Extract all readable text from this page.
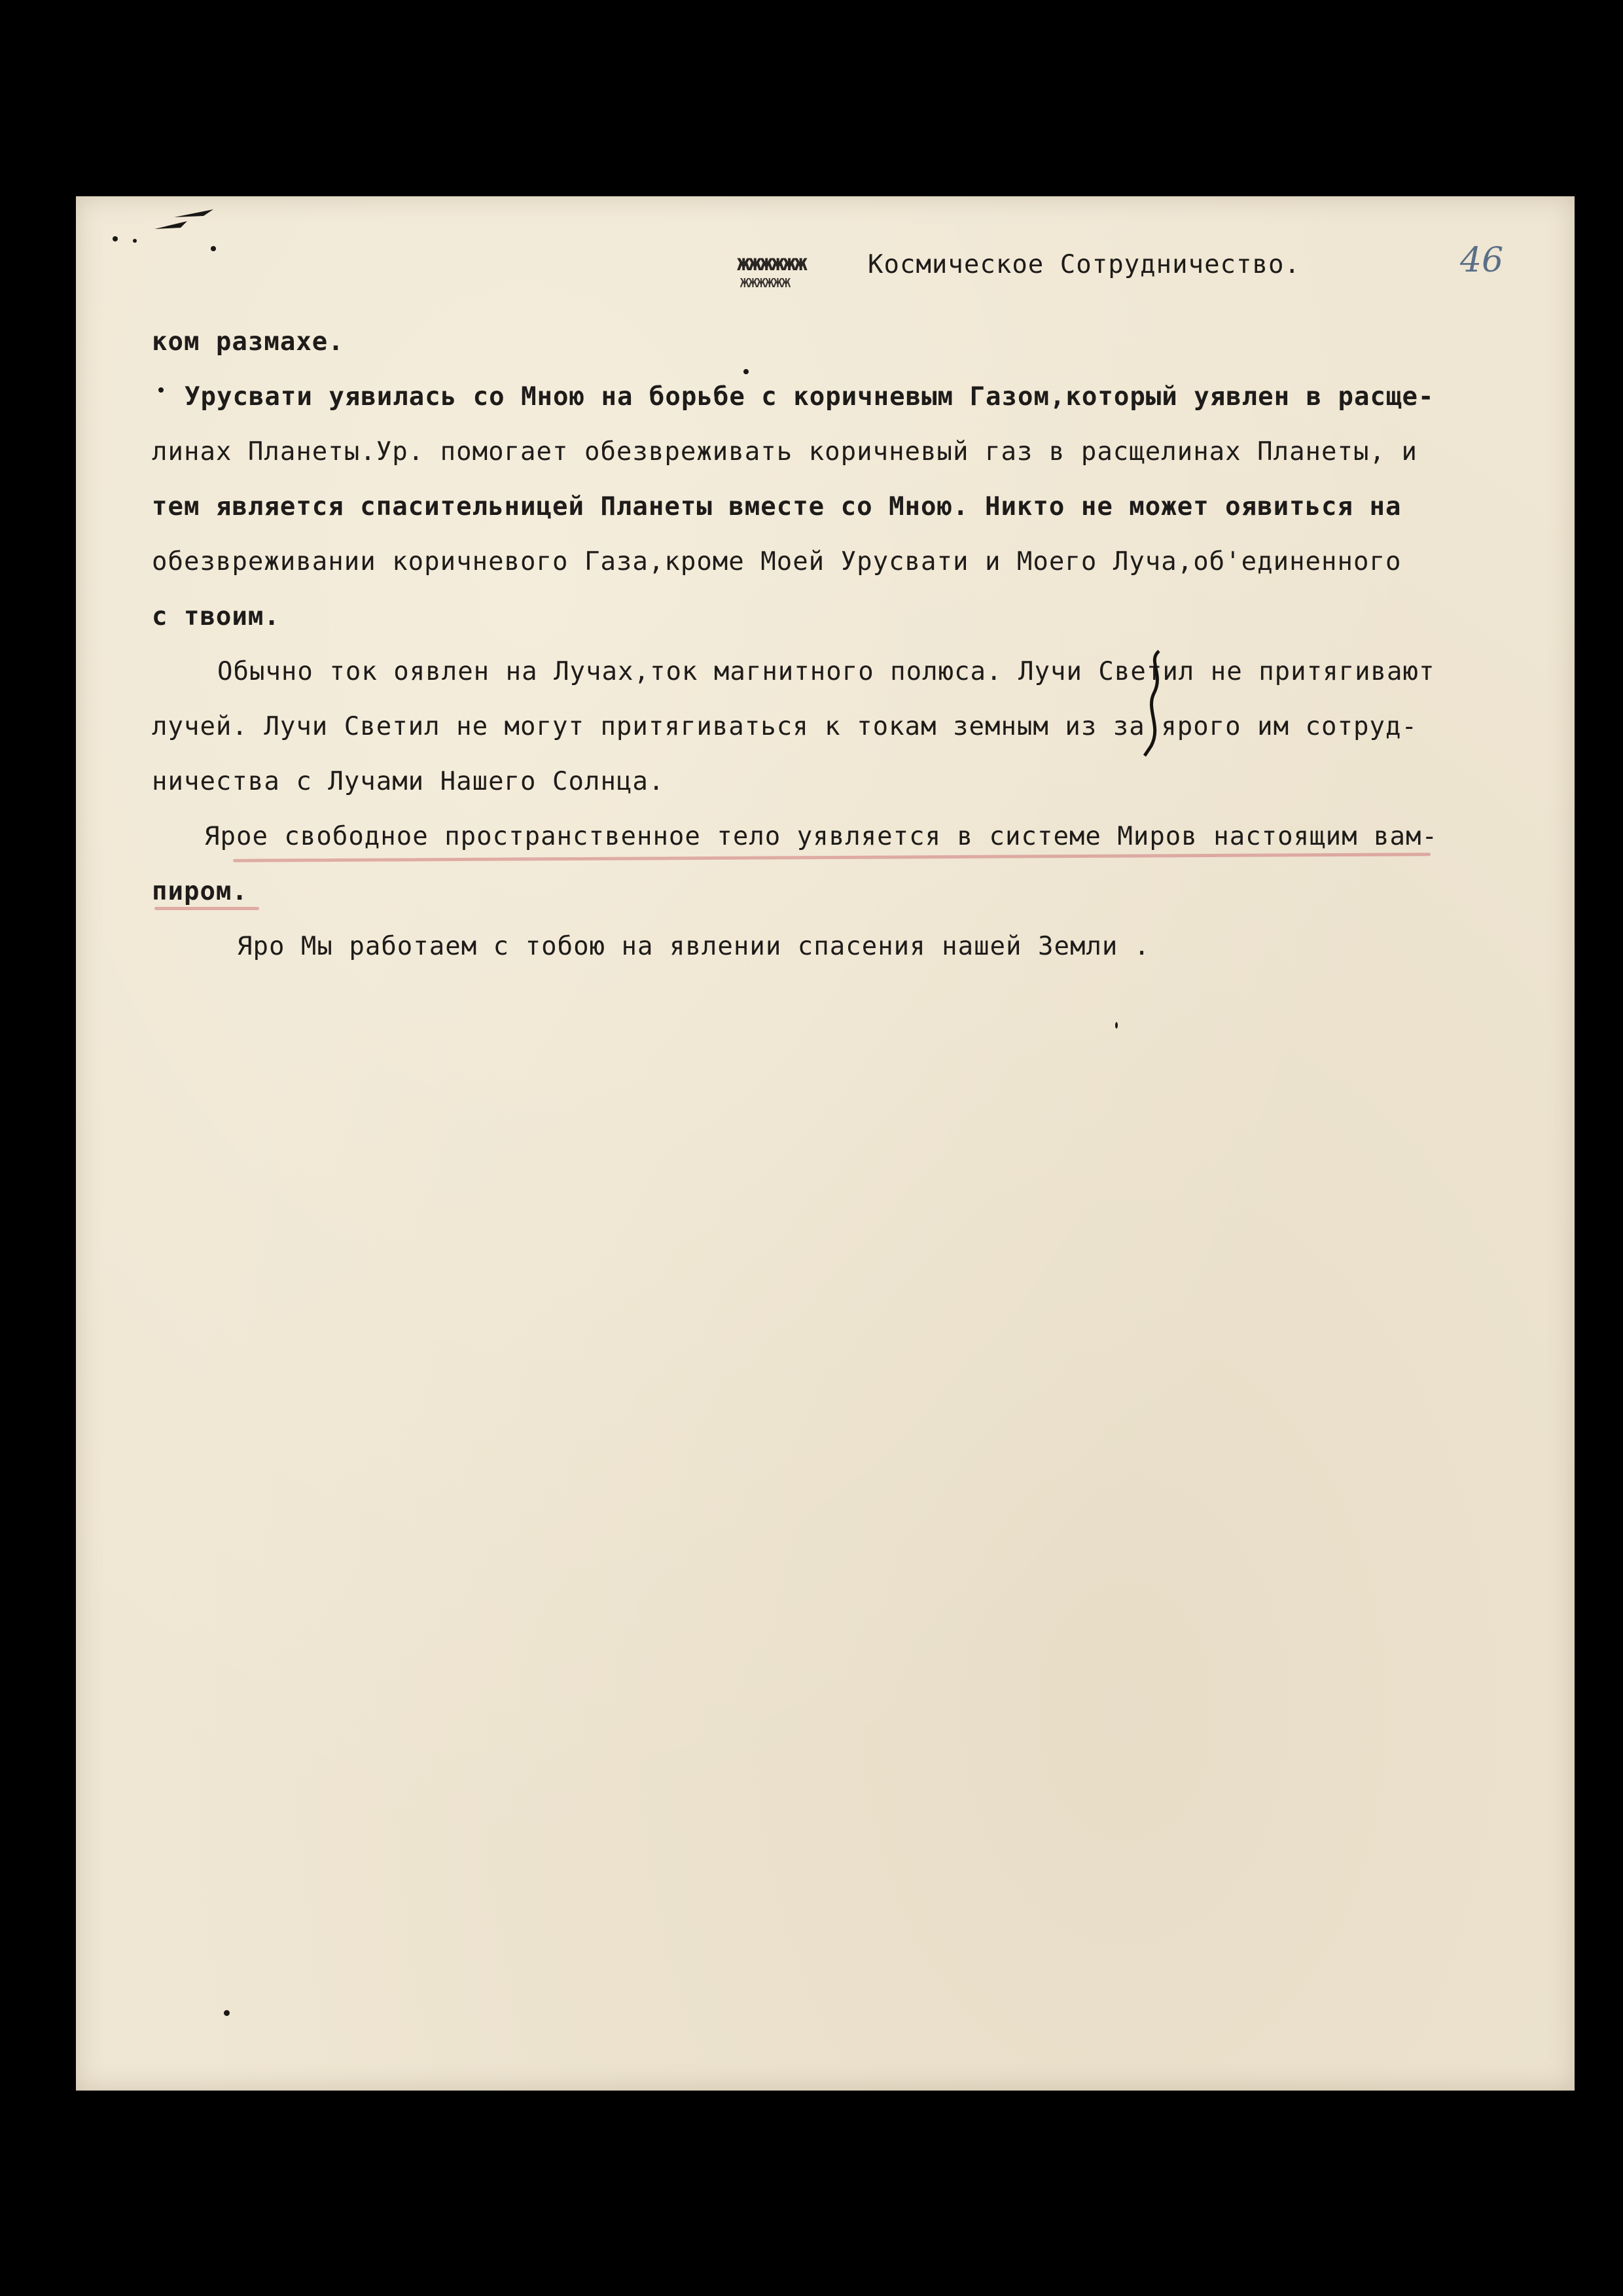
жжжжжж
жжжжжж
Космическое Сотрудничество.	46
ком размахе.
Урусвати уявилась со Мною на борьбе с коричневым Газом,который уявлен в расще-
линах Планеты.Ур. помогает обезвреживать коричневый газ в расщелинах Планеты, и
тем является спасительницей Планеты вместе со Мною. Никто не может оявиться на
обезвреживании коричневого Газа,кроме Моей Урусвати и Моего Луча,об'единенного
с твоим.
Обычно ток оявлен на Лучах,ток магнитного полюса. Лучи Светил не притягивают
лучей. Лучи Светил не могут притягиваться к токам земным из за ярого им сотруд-
ничества с Лучами Нашего Солнца.
Ярое свободное пространственное тело уявляется в системе Миров настоящим вам-
пиром.
Яро Мы работаем с тобою на явлении спасения нашей Земли .
